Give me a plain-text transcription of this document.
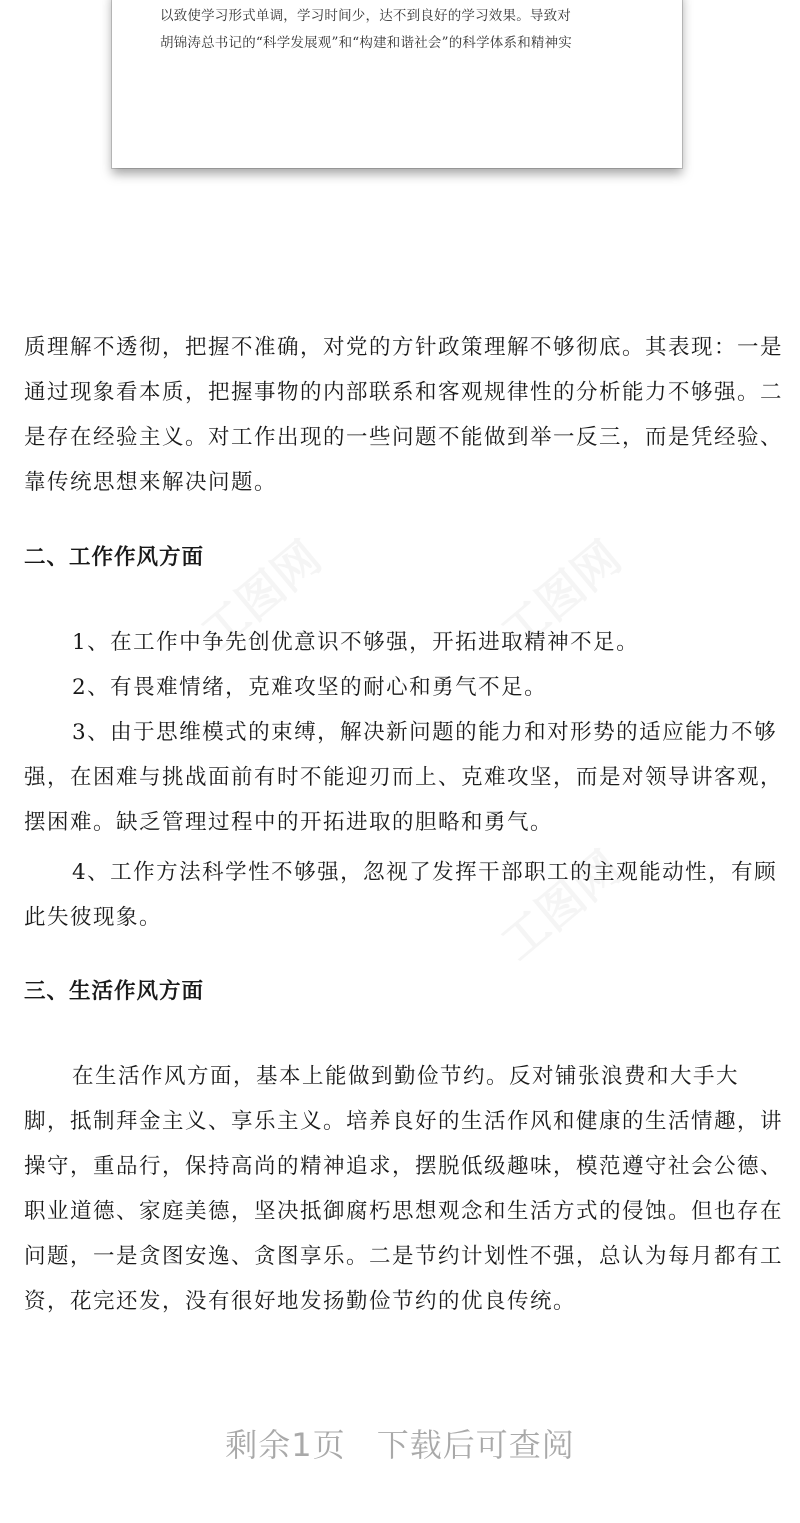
以致使学习形式单调，学习时间少，达不到良好的学习效果。导致对
胡锦涛总书记的“科学发展观”和“构建和谐社会”的科学体系和精神实
工图网	工图网
工图网

质理解不透彻，把握不准确，对党的方针政策理解不够彻底。其表现：一是通过现象看本质，把握事物的内部联系和客观规律性的分析能力不够强。二是存在经验主义。对工作出现的一些问题不能做到举一反三，而是凭经验、靠传统思想来解决问题。

二、工作作风方面

1、在工作中争先创优意识不够强，开拓进取精神不足。

2、有畏难情绪，克难攻坚的耐心和勇气不足。

3、由于思维模式的束缚，解决新问题的能力和对形势的适应能力不够强，在困难与挑战面前有时不能迎刃而上、克难攻坚，而是对领导讲客观，摆困难。缺乏管理过程中的开拓进取的胆略和勇气。

4、工作方法科学性不够强，忽视了发挥干部职工的主观能动性，有顾此失彼现象。

三、生活作风方面

在生活作风方面，基本上能做到勤俭节约。反对铺张浪费和大手大脚，抵制拜金主义、享乐主义。培养良好的生活作风和健康的生活情趣，讲操守，重品行，保持高尚的精神追求，摆脱低级趣味，模范遵守社会公德、职业道德、家庭美德，坚决抵御腐朽思想观念和生活方式的侵蚀。但也存在问题，一是贪图安逸、贪图享乐。二是节约计划性不强，总认为每月都有工资，花完还发，没有很好地发扬勤俭节约的优良传统。

剩余1页 下载后可查阅
